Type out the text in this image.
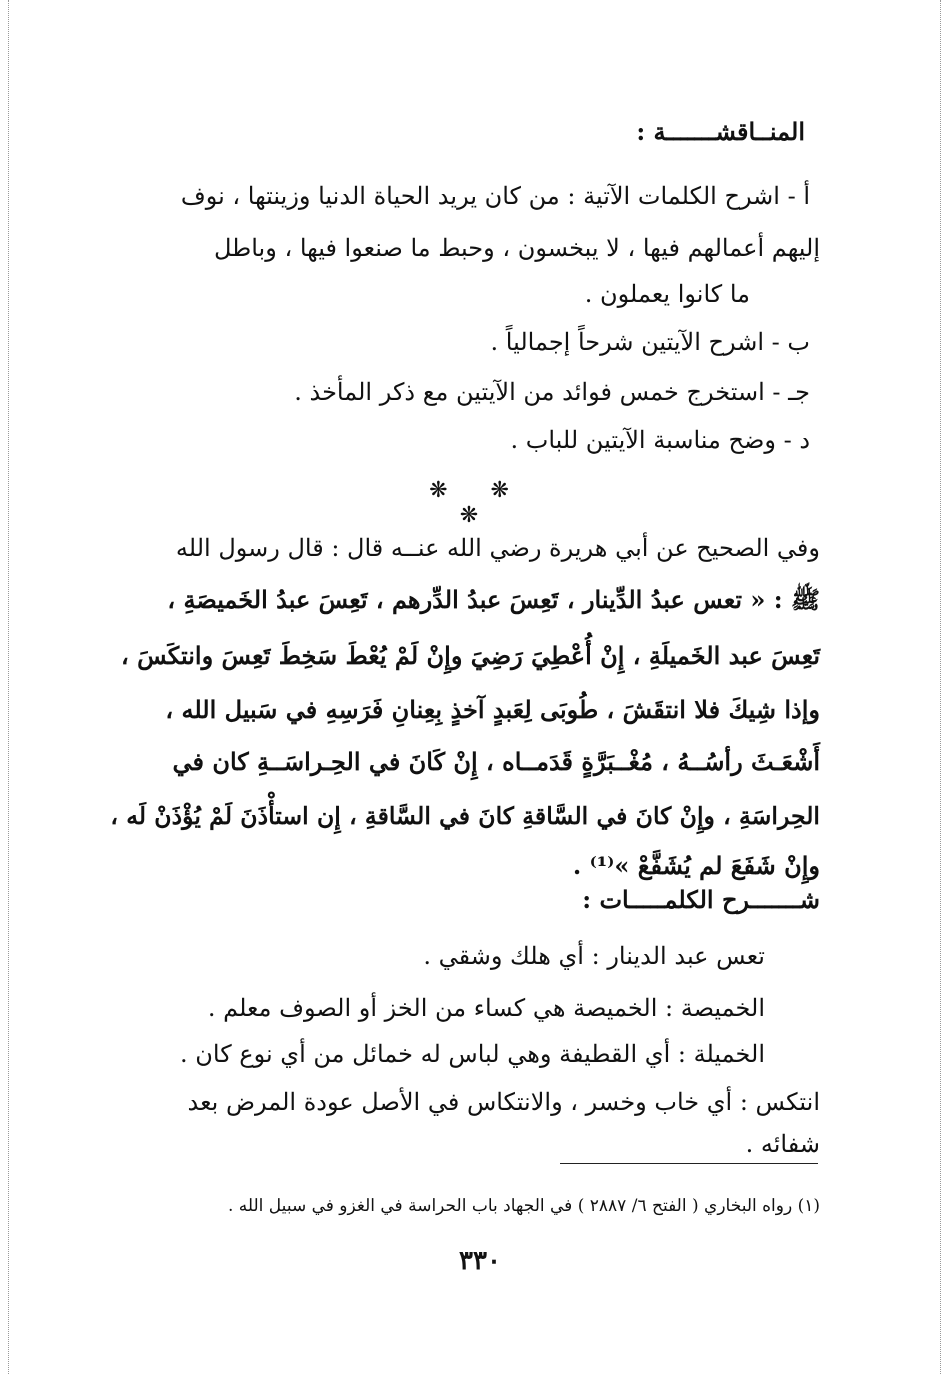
المنــاقشـــــــة :
أ - اشرح الكلمات الآتية : من كان يريد الحياة الدنيا وزينتها ، نوف
إليهم أعمالهم فيها ، لا يبخسون ، وحبط ما صنعوا فيها ، وباطل
ما كانوا يعملون .
ب - اشرح الآيتين شرحاً إجمالياً .
جـ - استخرج خمس فوائد من الآيتين مع ذكر المأخذ .
د - وضح مناسبة الآيتين للباب .
❋ ❋ ❋
وفي الصحيح عن أبي هريرة رضي الله عنــه قال : قال رسول الله
ﷺ : « تعس عبدُ الدِّينار ، تَعِسَ عبدُ الدِّرهم ، تَعِسَ عبدُ الخَميصَةِ ،
تَعِسَ عبد الخَميلَةِ ، إِنْ أُعْطِيَ رَضِيَ وإِنْ لَمْ يُعْطَ سَخِطَ تَعِسَ وانتكَسَ ،
وإذا شِيكَ فلا انتقَشَ ، طُوبَى لِعَبدٍ آخذٍ بِعِنانِ فَرَسِهِ في سَبيل الله ،
أَشْعَـثَ رأسُــهُ ، مُغْــبَرَّةٍ قَدَمــاه ، إِنْ كَانَ في الحِـراسَــةِ كان في
الحِراسَةِ ، وإِنْ كانَ في السَّاقةِ كانَ في السَّاقةِ ، إِن استأْذَنَ لَمْ يُؤْذَنْ لَه ،
وإِنْ شَفَعَ لم يُشَفَّعْ »⁽¹⁾ .
شـــــــرح الكلمـــــات :
تعس عبد الدينار : أي هلك وشقي .
الخميصة : الخميصة هي كساء من الخز أو الصوف معلم .
الخميلة : أي القطيفة وهي لباس له خمائل من أي نوع كان .
انتكس : أي خاب وخسر ، والانتكاس في الأصل عودة المرض بعد
شفائه .
(١) رواه البخاري ( الفتح ٦/ ٢٨٨٧ ) في الجهاد باب الحراسة في الغزو في سبيل الله .
٣٣٠
